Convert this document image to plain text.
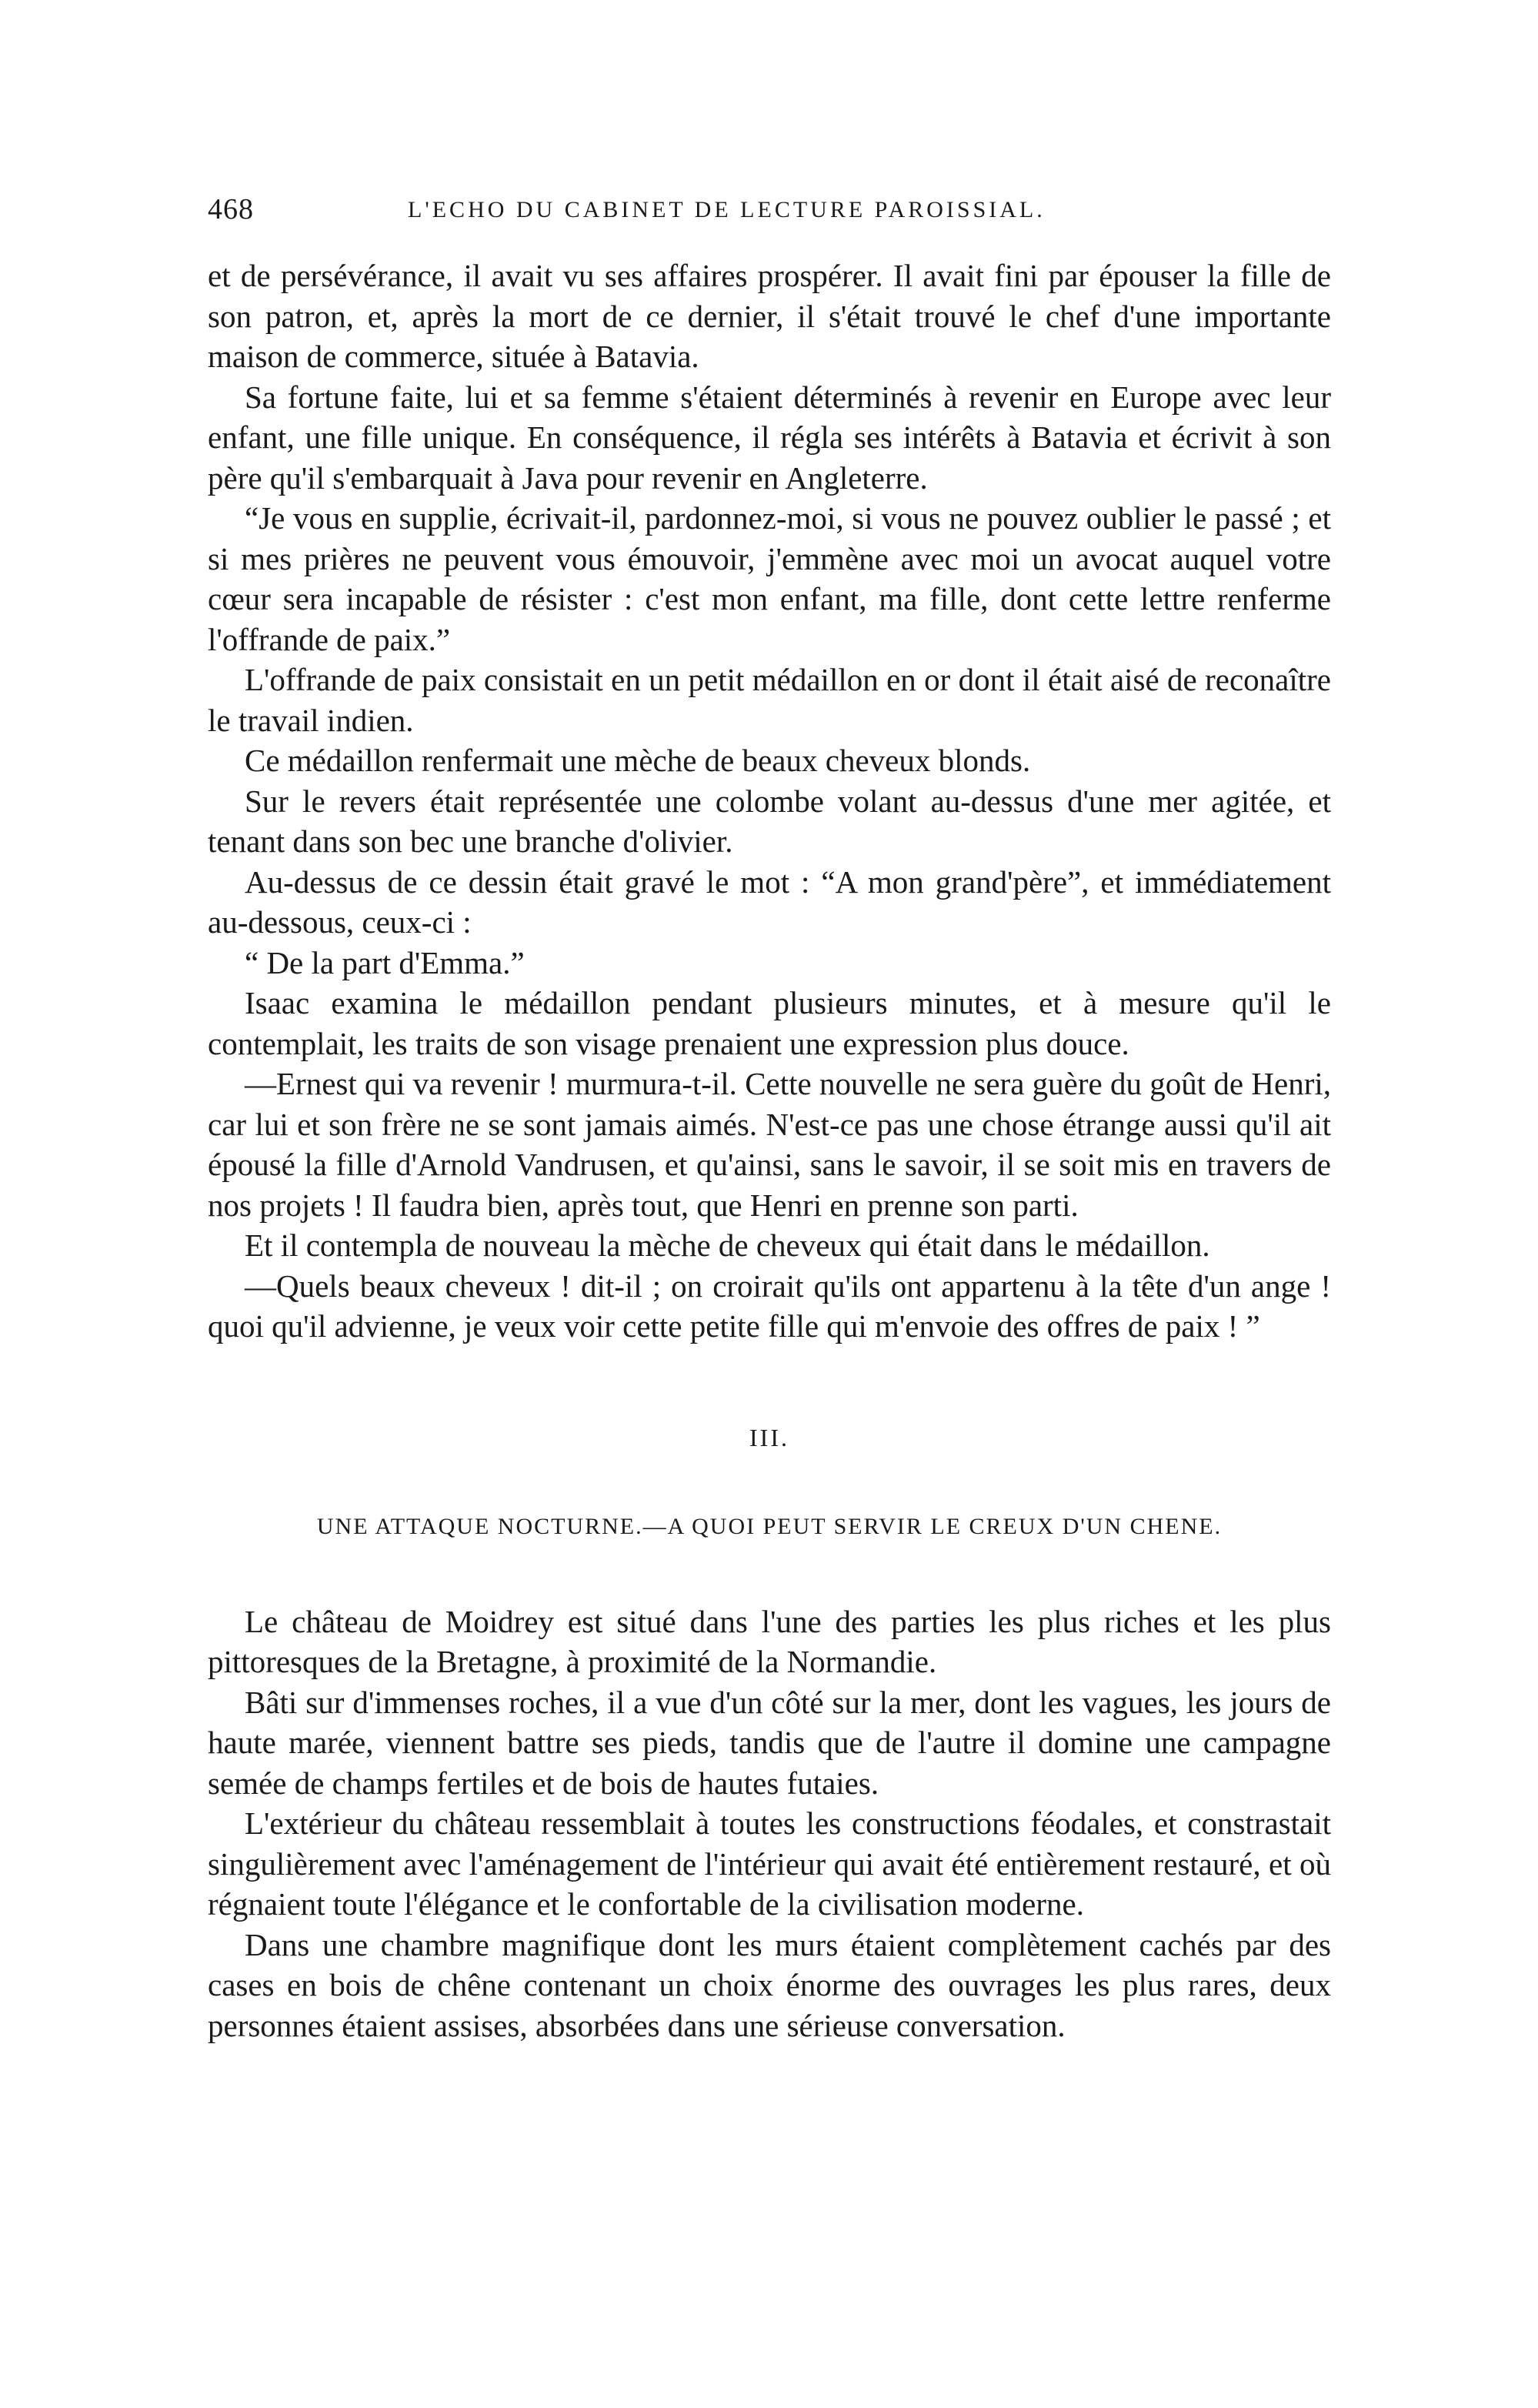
468	L'ECHO DU CABINET DE LECTURE PAROISSIAL.

et de persévérance, il avait vu ses affaires prospérer. Il avait fini par épouser la fille de son patron, et, après la mort de ce dernier, il s'était trouvé le chef d'une importante maison de commerce, située à Batavia.

Sa fortune faite, lui et sa femme s'étaient déterminés à revenir en Europe avec leur enfant, une fille unique. En conséquence, il régla ses intérêts à Batavia et écrivit à son père qu'il s'embarquait à Java pour revenir en Angleterre.

“Je vous en supplie, écrivait-il, pardonnez-moi, si vous ne pouvez oublier le passé ; et si mes prières ne peuvent vous émouvoir, j'emmène avec moi un avocat auquel votre cœur sera incapable de résister : c'est mon enfant, ma fille, dont cette lettre renferme l'offrande de paix.”

L'offrande de paix consistait en un petit médaillon en or dont il était aisé de reconaître le travail indien.

Ce médaillon renfermait une mèche de beaux cheveux blonds.

Sur le revers était représentée une colombe volant au-dessus d'une mer agitée, et tenant dans son bec une branche d'olivier.

Au-dessus de ce dessin était gravé le mot : “A mon grand'père”, et immédiatement au-dessous, ceux-ci :

“ De la part d'Emma.”

Isaac examina le médaillon pendant plusieurs minutes, et à mesure qu'il le contemplait, les traits de son visage prenaient une expression plus douce.

—Ernest qui va revenir ! murmura-t-il. Cette nouvelle ne sera guère du goût de Henri, car lui et son frère ne se sont jamais aimés. N'est-ce pas une chose étrange aussi qu'il ait épousé la fille d'Arnold Vandrusen, et qu'ainsi, sans le savoir, il se soit mis en travers de nos projets ! Il faudra bien, après tout, que Henri en prenne son parti.

Et il contempla de nouveau la mèche de cheveux qui était dans le médaillon.

—Quels beaux cheveux ! dit-il ; on croirait qu'ils ont appartenu à la tête d'un ange ! quoi qu'il advienne, je veux voir cette petite fille qui m'envoie des offres de paix ! ”

III.
UNE ATTAQUE NOCTURNE.—A QUOI PEUT SERVIR LE CREUX D'UN CHENE.

Le château de Moidrey est situé dans l'une des parties les plus riches et les plus pittoresques de la Bretagne, à proximité de la Normandie.

Bâti sur d'immenses roches, il a vue d'un côté sur la mer, dont les vagues, les jours de haute marée, viennent battre ses pieds, tandis que de l'autre il domine une campagne semée de champs fertiles et de bois de hautes futaies.

L'extérieur du château ressemblait à toutes les constructions féodales, et constrastait singulièrement avec l'aménagement de l'intérieur qui avait été entièrement restauré, et où régnaient toute l'élégance et le confortable de la civilisation moderne.

Dans une chambre magnifique dont les murs étaient complètement cachés par des cases en bois de chêne contenant un choix énorme des ouvrages les plus rares, deux personnes étaient assises, absorbées dans une sérieuse conversation.
